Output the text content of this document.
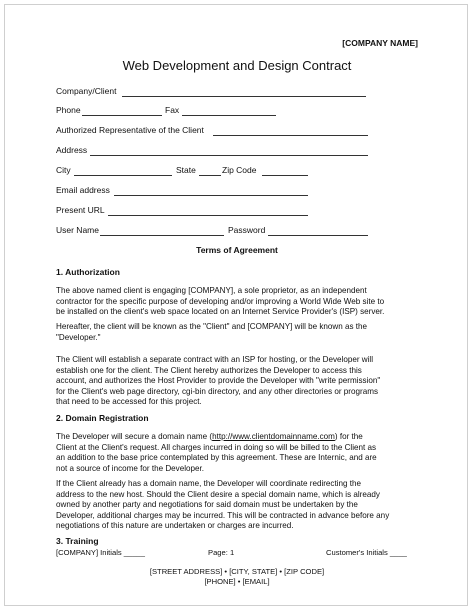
[COMPANY NAME]
Web Development and Design Contract
Company/Client
Phone	Fax
Authorized Representative of the Client
Address
City	State	Zip Code
Email address
Present URL
User Name	Password
Terms of Agreement
1. Authorization
The above named client is engaging [COMPANY], a sole proprietor, as an independent
contractor for the specific purpose of developing and/or improving a World Wide Web site to
be installed on the client's web space located on an Internet Service Provider's (ISP) server.
Hereafter, the client will be known as the "Client" and [COMPANY] will be known as the
"Developer."
The Client will establish a separate contract with an ISP for hosting, or the Developer will
establish one for the client. The Client hereby authorizes the Developer to access this
account, and authorizes the Host Provider to provide the Developer with "write permission"
for the Client's web page directory, cgi-bin directory, and any other directories or programs
that need to be accessed for this project.
2. Domain Registration
The Developer will secure a domain name (http://www.clientdomainname.com) for the
Client at the Client's request. All charges incurred in doing so will be billed to the Client as
an addition to the base price contemplated by this agreement. These are Internic, and are
not a source of income for the Developer.
If the Client already has a domain name, the Developer will coordinate redirecting the
address to the new host. Should the Client desire a special domain name, which is already
owned by another party and negotiations for said domain must be undertaken by the
Developer, additional charges may be incurred. This will be contracted in advance before any
negotiations of this nature are undertaken or charges are incurred.
3. Training
[COMPANY] Initials _____	Page: 1	Customer's Initials ____
[STREET ADDRESS] • [CITY, STATE] • [ZIP CODE]
[PHONE] • [EMAIL]
